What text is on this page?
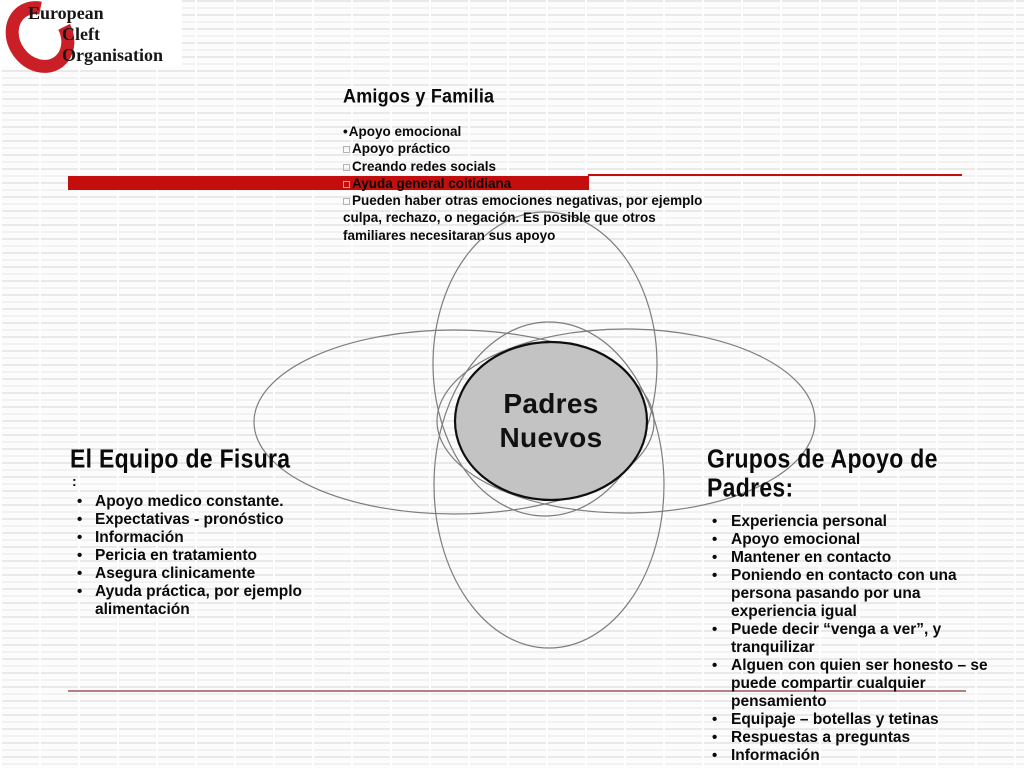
European
Cleft
Organisation
Padres
Nuevos
Amigos y Familia
•Apoyo emocional
Apoyo práctico
Creando redes socials
Ayuda general coitidiana
Pueden haber otras emociones negativas, por ejemplo culpa, rechazo, o negación. Es posible que otros familiares necesitaran sus apoyo
El Equipo de Fisura
:
• Apoyo medico constante.
• Expectativas - pronóstico
• Información
• Pericia en tratamiento
• Asegura clinicamente
• Ayuda práctica, por ejemplo alimentación
Grupos de Apoyo de Padres:
• Experiencia personal
• Apoyo emocional
• Mantener en contacto
• Poniendo en contacto con una persona pasando por una experiencia igual
• Puede decir “venga a ver”, y tranquilizar
• Alguen con quien ser honesto – se puede compartir cualquier pensamiento
• Equipaje – botellas y tetinas
• Respuestas a preguntas
• Información
